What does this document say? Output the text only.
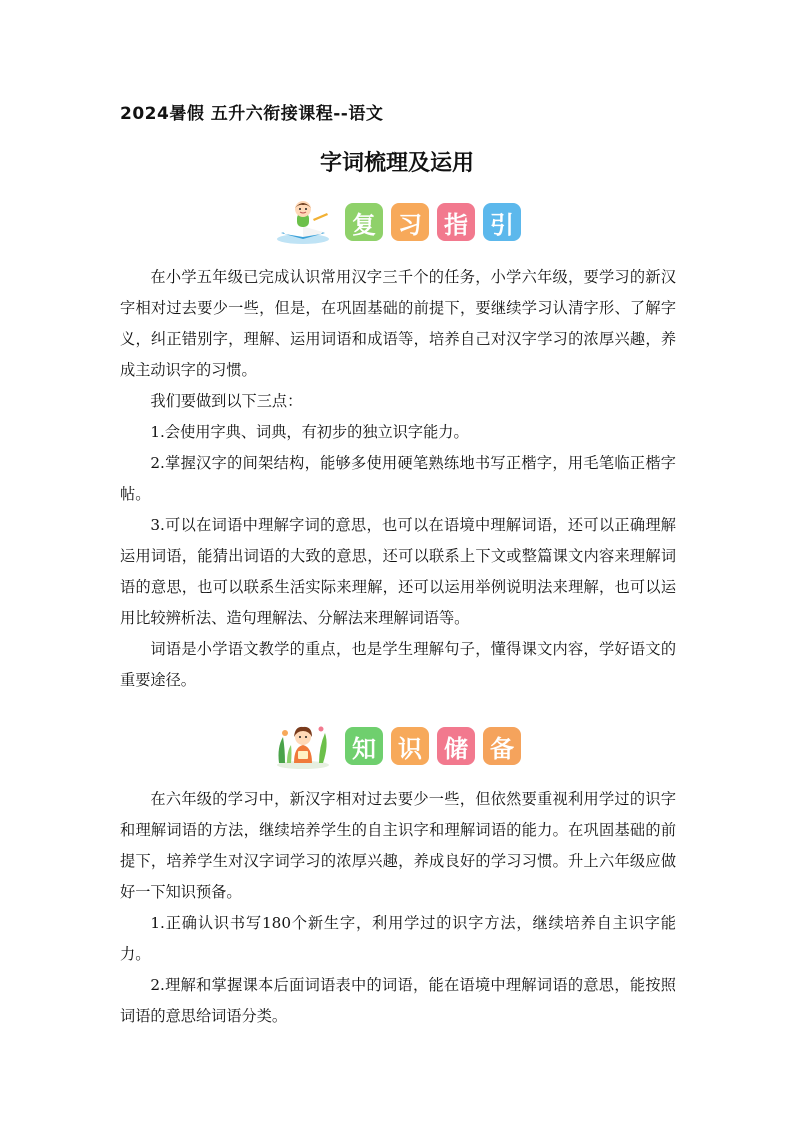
2024暑假 五升六衔接课程--语文
字词梳理及运用
复 习 指 引

在小学五年级已完成认识常用汉字三千个的任务，小学六年级，要学习的新汉字相对过去要少一些，但是，在巩固基础的前提下，要继续学习认清字形、了解字义，纠正错别字，理解、运用词语和成语等，培养自己对汉字学习的浓厚兴趣，养成主动识字的习惯。

我们要做到以下三点：

1.会使用字典、词典，有初步的独立识字能力。

2.掌握汉字的间架结构，能够多使用硬笔熟练地书写正楷字，用毛笔临正楷字帖。

3.可以在词语中理解字词的意思，也可以在语境中理解词语，还可以正确理解运用词语，能猜出词语的大致的意思，还可以联系上下文或整篇课文内容来理解词语的意思，也可以联系生活实际来理解，还可以运用举例说明法来理解，也可以运用比较辨析法、造句理解法、分解法来理解词语等。

词语是小学语文教学的重点，也是学生理解句子，懂得课文内容，学好语文的重要途径。

知 识 储 备

在六年级的学习中，新汉字相对过去要少一些，但依然要重视利用学过的识字和理解词语的方法，继续培养学生的自主识字和理解词语的能力。在巩固基础的前提下，培养学生对汉字词学习的浓厚兴趣，养成良好的学习习惯。升上六年级应做好一下知识预备。

1.正确认识书写180个新生字，利用学过的识字方法，继续培养自主识字能力。

2.理解和掌握课本后面词语表中的词语，能在语境中理解词语的意思，能按照词语的意思给词语分类。
